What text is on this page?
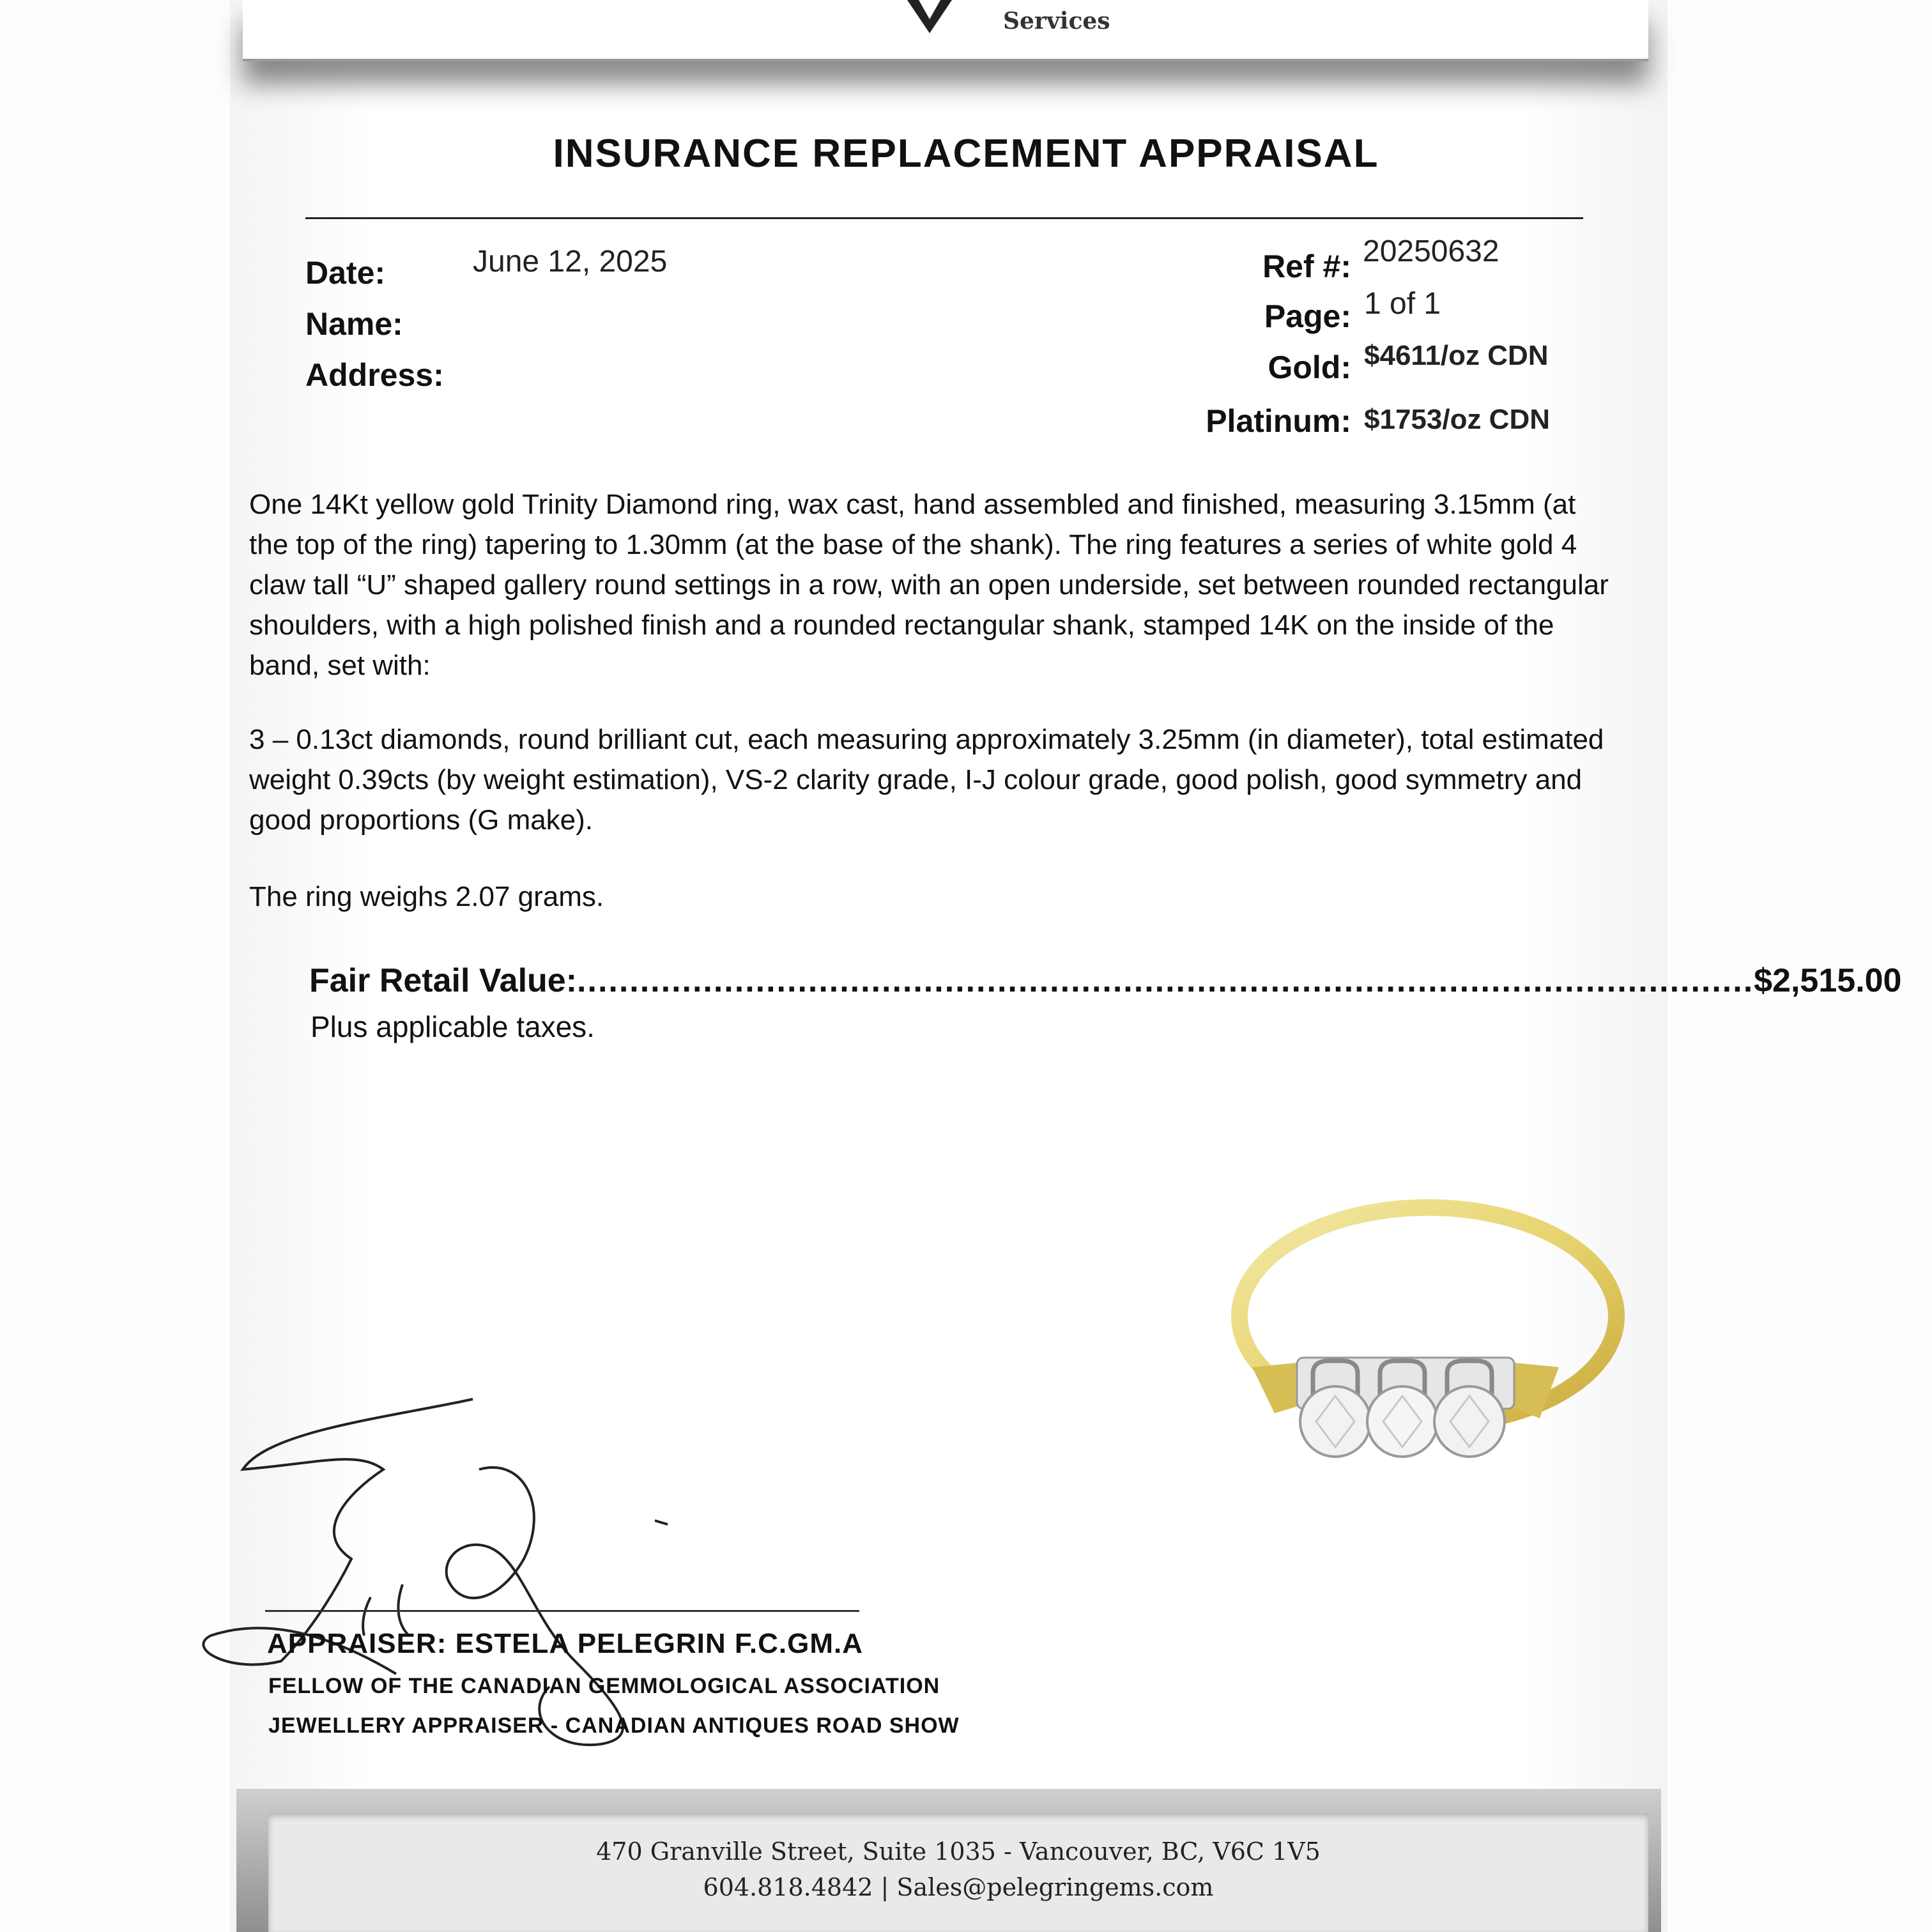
Services
INSURANCE REPLACEMENT APPRAISAL
Date:	June 12, 2025
Name:
Address:
Ref #: 20250632
Page: 1 of 1
Gold: $4611/oz CDN
Platinum: $1753/oz CDN
One 14Kt yellow gold Trinity Diamond ring, wax cast, hand assembled and finished, measuring 3.15mm (at the top of the ring) tapering to 1.30mm (at the base of the shank). The ring features a series of white gold 4 claw tall “U” shaped gallery round settings in a row, with an open underside, set between rounded rectangular shoulders, with a high polished finish and a rounded rectangular shank, stamped 14K on the inside of the band, set with:
3 – 0.13ct diamonds, round brilliant cut, each measuring approximately 3.25mm (in diameter), total estimated weight 0.39cts (by weight estimation), VS-2 clarity grade, I-J colour grade, good polish, good symmetry and good proportions (G make).
The ring weighs 2.07 grams.
Fair Retail Value: ................................................................................................................ $2,515.00
Plus applicable taxes.
APPRAISER: ESTELA PELEGRIN F.C.GM.A
FELLOW OF THE CANADIAN GEMMOLOGICAL ASSOCIATION
JEWELLERY APPRAISER - CANADIAN ANTIQUES ROAD SHOW
470 Granville Street, Suite 1035 - Vancouver, BC, V6C 1V5
604.818.4842 | Sales@pelegringems.com
